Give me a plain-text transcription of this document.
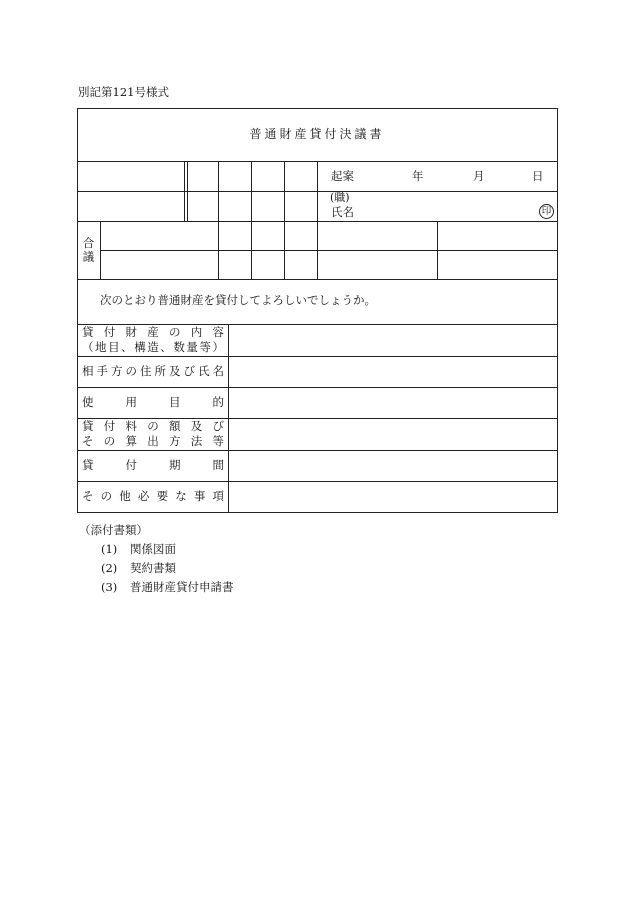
別記第121号様式
普通財産貸付決議書
起案	年	月	日
(職)
氏名	印
合議
次のとおり普通財産を貸付してよろしいでしょうか。
貸付財産の内容
（地目、構造、数量等）
相手方の住所及び氏名
使用目的
貸付料の額及び
その算出方法等
貸付期間
その他必要な事項
（添付書類）
(1) 関係図面
(2) 契約書類
(3) 普通財産貸付申請書
